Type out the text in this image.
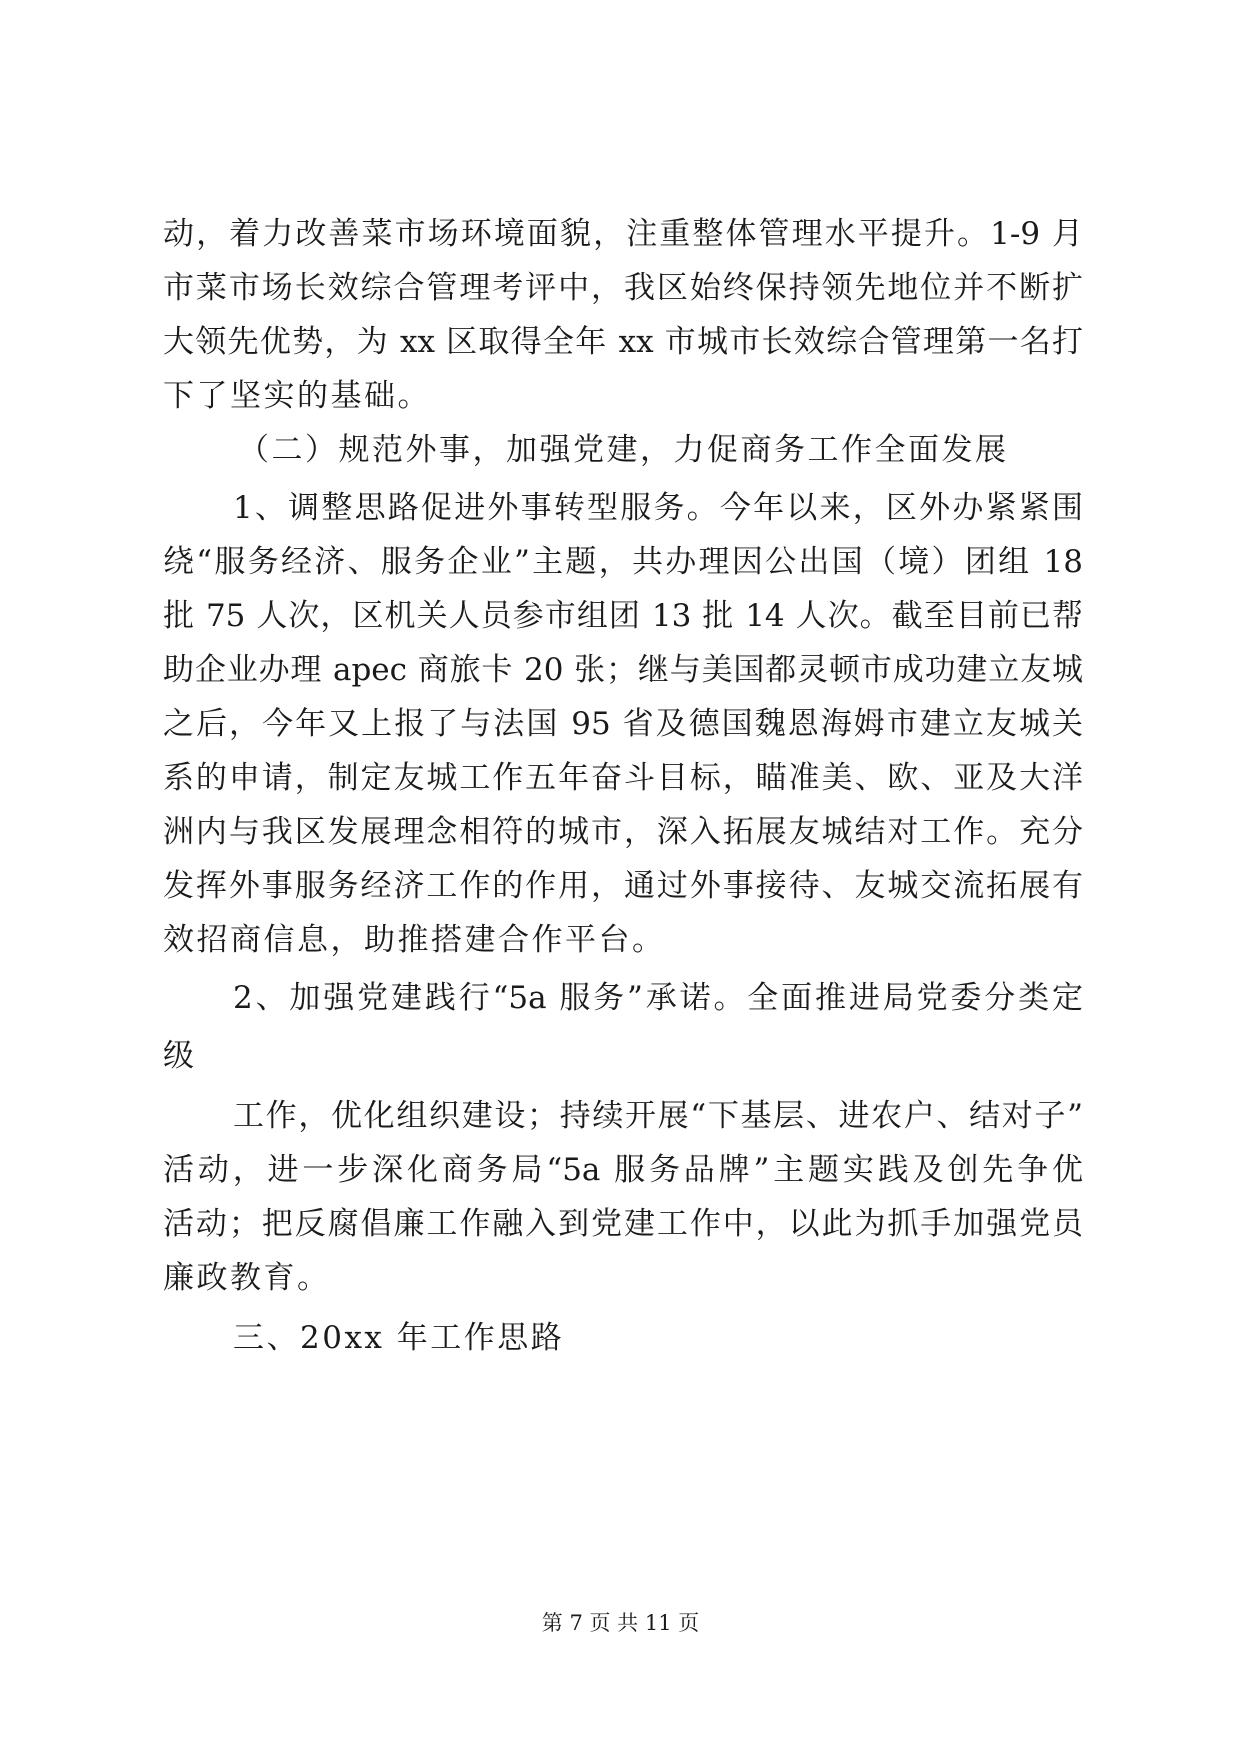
动，着力改善菜市场环境面貌，注重整体管理水平提升。1-9 月
市菜市场长效综合管理考评中，我区始终保持领先地位并不断扩
大领先优势，为 xx 区取得全年 xx 市城市长效综合管理第一名打
下了坚实的基础。
（二）规范外事，加强党建，力促商务工作全面发展
1、调整思路促进外事转型服务。今年以来，区外办紧紧围
绕“服务经济、服务企业”主题，共办理因公出国（境）团组 18
批 75 人次，区机关人员参市组团 13 批 14 人次。截至目前已帮
助企业办理 apec 商旅卡 20 张；继与美国都灵顿市成功建立友城
之后，今年又上报了与法国 95 省及德国魏恩海姆市建立友城关
系的申请，制定友城工作五年奋斗目标，瞄准美、欧、亚及大洋
洲内与我区发展理念相符的城市，深入拓展友城结对工作。充分
发挥外事服务经济工作的作用，通过外事接待、友城交流拓展有
效招商信息，助推搭建合作平台。
2、加强党建践行“5a 服务”承诺。全面推进局党委分类定
级
工作，优化组织建设；持续开展“下基层、进农户、结对子”
活动，进一步深化商务局“5a 服务品牌”主题实践及创先争优
活动；把反腐倡廉工作融入到党建工作中，以此为抓手加强党员
廉政教育。
三、20xx 年工作思路
第 7 页 共 11 页
